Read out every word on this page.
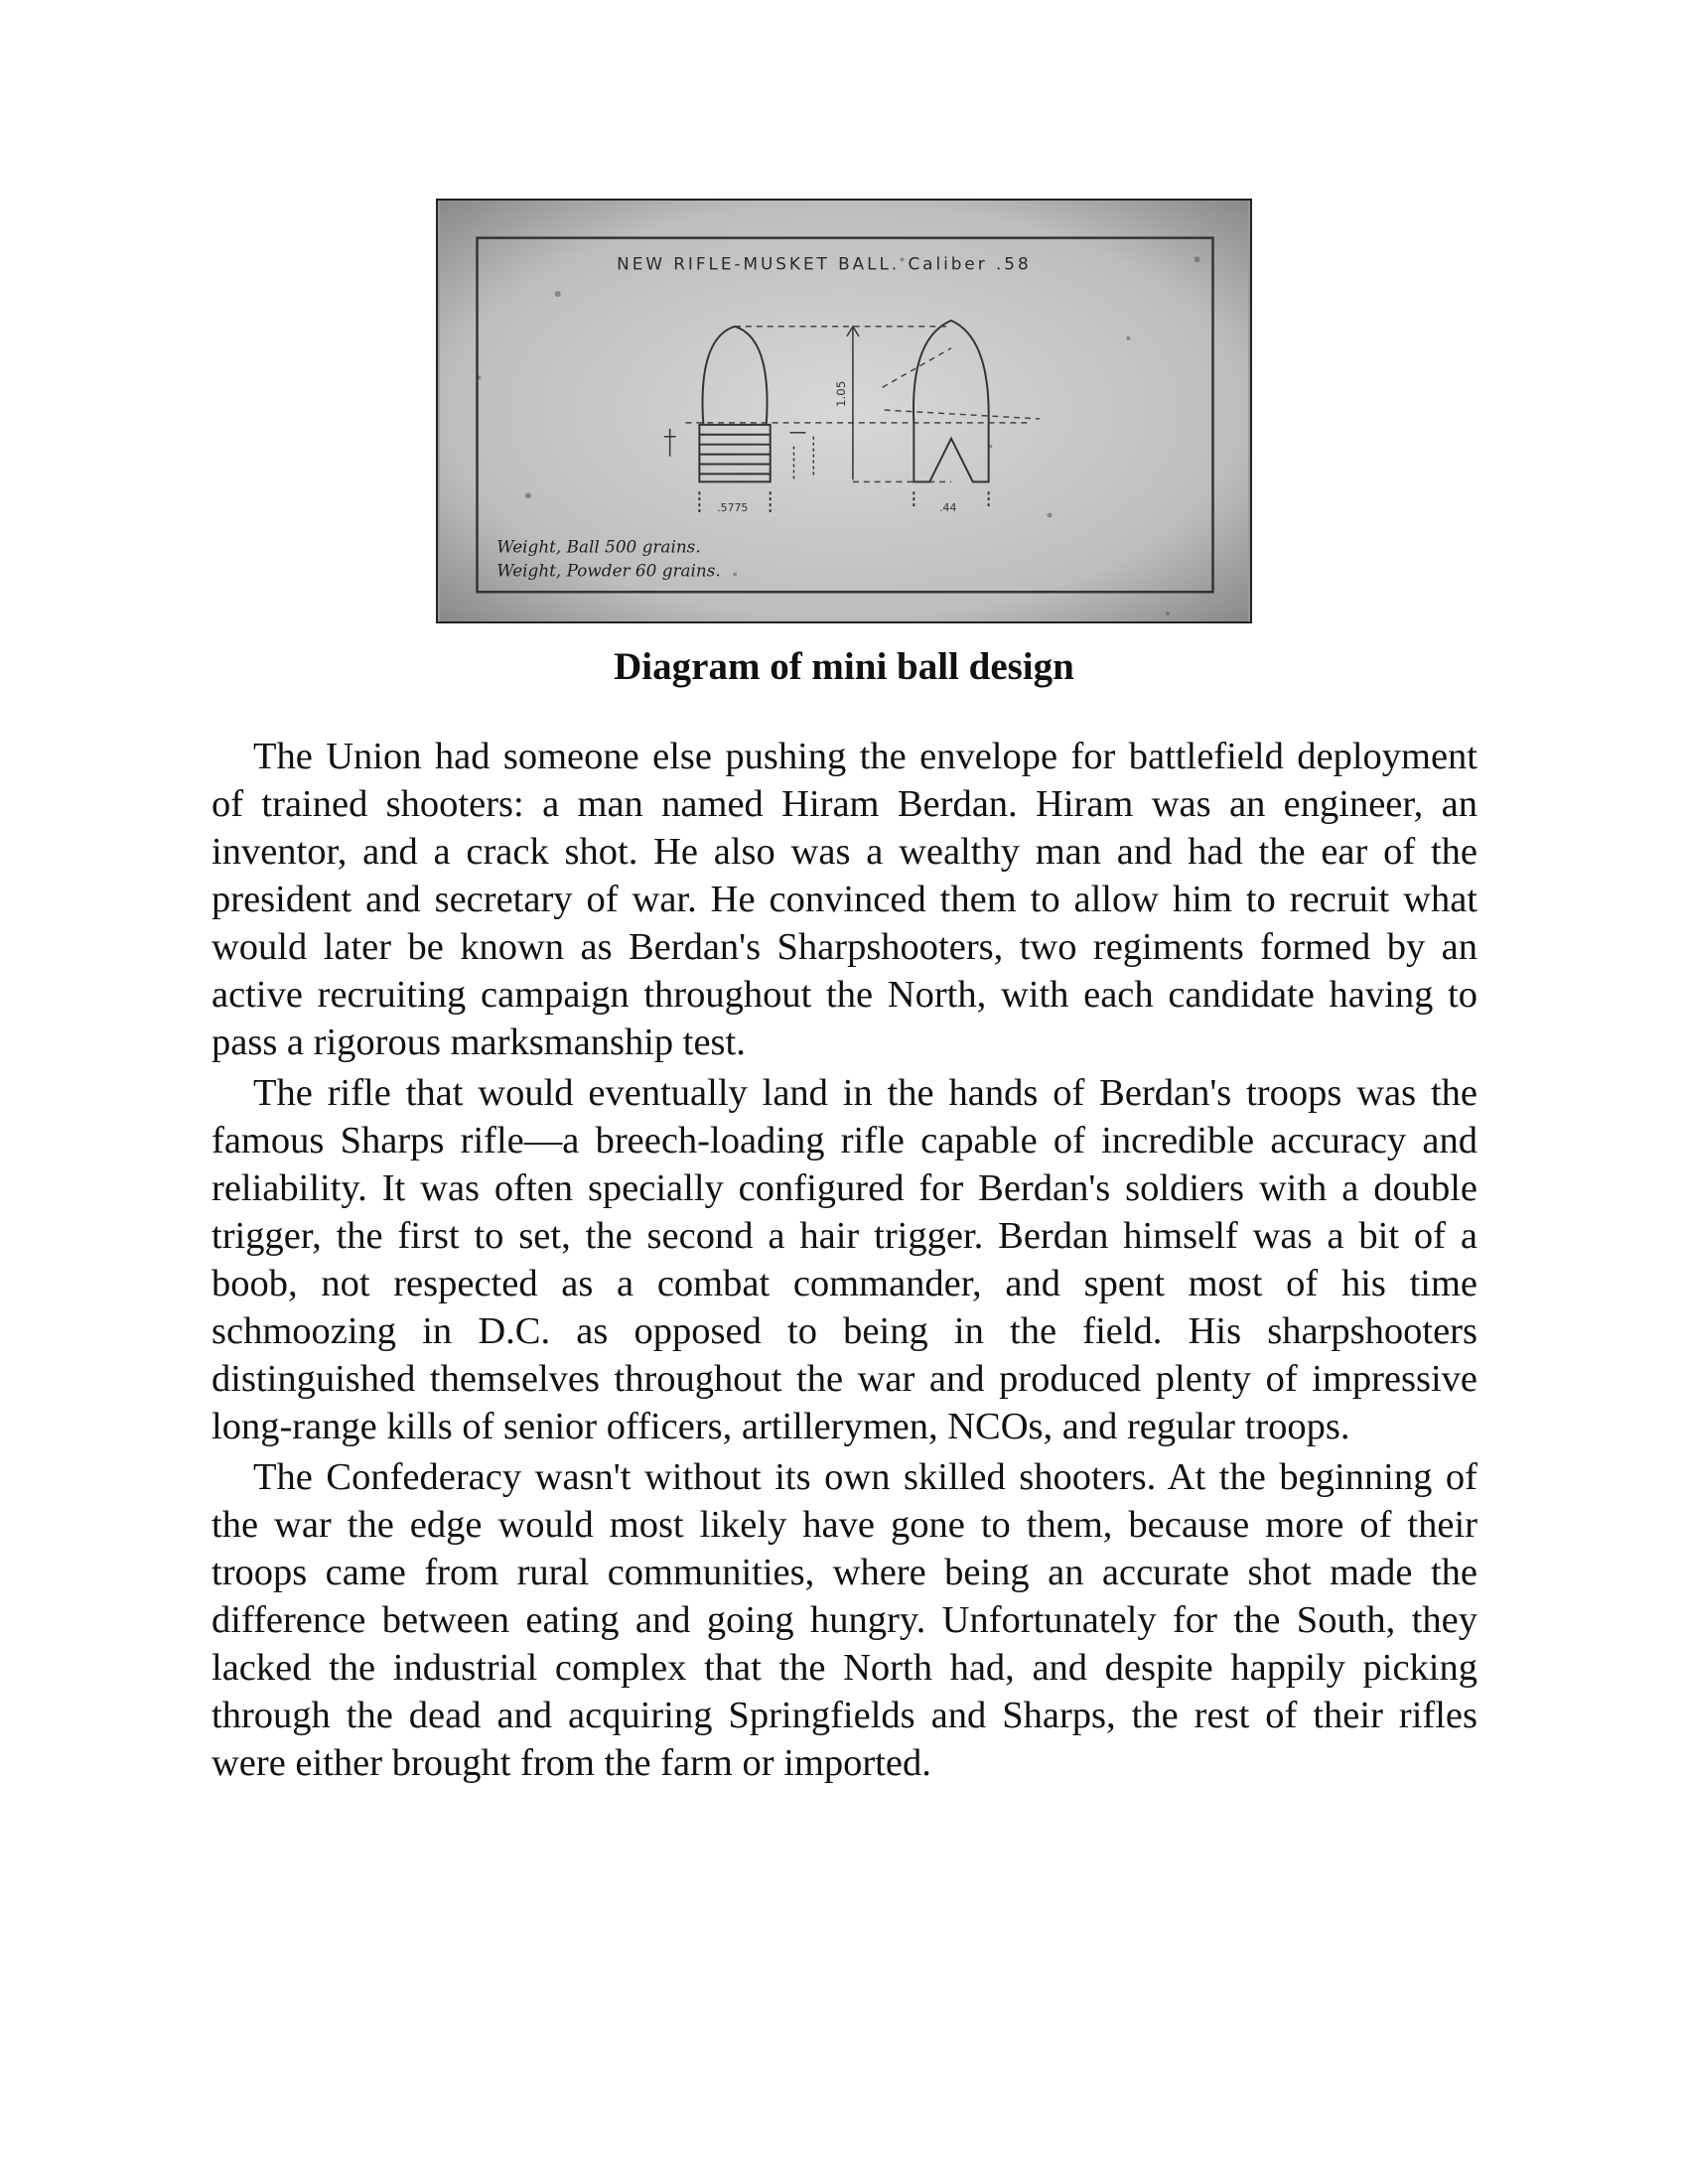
NEW RIFLE-MUSKET BALL. Caliber .58
.5775
1.05
.44
Weight, Ball 500 grains.
Weight, Powder 60 grains.
Diagram of mini ball design

The Union had someone else pushing the envelope for battlefield deployment of trained shooters: a man named Hiram Berdan. Hiram was an engineer, an inventor, and a crack shot. He also was a wealthy man and had the ear of the president and secretary of war. He convinced them to allow him to recruit what would later be known as Berdan's Sharpshooters, two regiments formed by an active recruiting campaign throughout the North, with each candidate having to pass a rigorous marksmanship test.

The rifle that would eventually land in the hands of Berdan's troops was the famous Sharps rifle—a breech-loading rifle capable of incredible accuracy and reliability. It was often specially configured for Berdan's soldiers with a double trigger, the first to set, the second a hair trigger. Berdan himself was a bit of a boob, not respected as a combat commander, and spent most of his time schmoozing in D.C. as opposed to being in the field. His sharpshooters distinguished themselves throughout the war and produced plenty of impressive long-range kills of senior officers, artillerymen, NCOs, and regular troops.

The Confederacy wasn't without its own skilled shooters. At the beginning of the war the edge would most likely have gone to them, because more of their troops came from rural communities, where being an accurate shot made the difference between eating and going hungry. Unfortunately for the South, they lacked the industrial complex that the North had, and despite happily picking through the dead and acquiring Springfields and Sharps, the rest of their rifles were either brought from the farm or imported.
